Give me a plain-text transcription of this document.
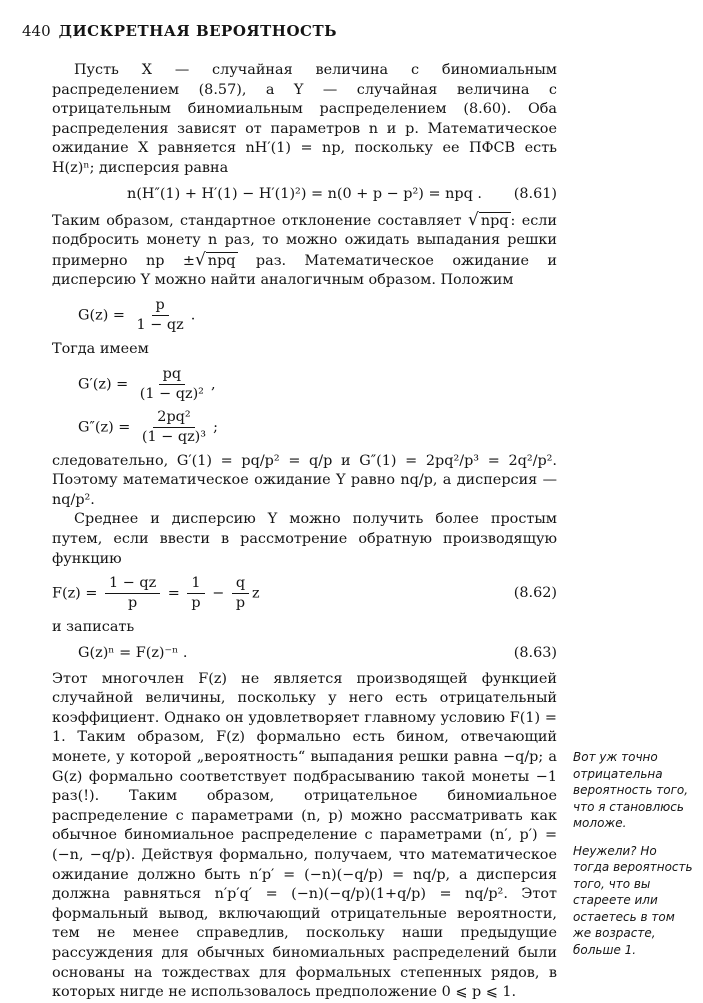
440 ДИСКРЕТНАЯ ВЕРОЯТНОСТЬ

Пусть X — случайная величина с биномиальным распределением (8.57), а Y — случайная величина с отрицательным биномиальным распределением (8.60). Оба распределения зависят от параметров n и p. Математическое ожидание X равняется nH′(1) = np, поскольку ее ПФСВ есть H(z)ⁿ; дисперсия равна

n(H″(1) + H′(1) − H′(1)²) = n(0 + p − p²) = npq .	(8.61)

Таким образом, стандартное отклонение составляет √ npq : если подбросить монету n раз, то можно ожидать выпадания решки примерно np ±√ npq раз. Математическое ожидание и дисперсию Y можно найти аналогичным образом. Положим

$G(z) = \frac{p}{1 - qz}$ .

Тогда имеем

$G'(z) = \frac{pq}{\text{(1 − qz)²}}$ ,
$G''(z) = \frac{\text{2pq²}}{\text{(1 − qz)³}}$ ;

следовательно, G′(1) = pq/p² = q/p и G″(1) = 2pq²/p³ = 2q²/p². Поэтому математическое ожидание Y равно nq/p, а дисперсия — nq/p².

Среднее и дисперсию Y можно получить более простым путем, если ввести в рассмотрение обратную производящую функцию

$F(z) = \frac{1 - qz}{p} = \frac{1}{p} - \frac{q}{p}$ z	(8.62)

и записать

G(z)ⁿ = F(z)⁻ⁿ .	(8.63)

Этот многочлен F(z) не является производящей функцией случайной величины, поскольку у него есть отрицательный коэффициент. Однако он удовлетворяет главному условию F(1) = 1. Таким образом, F(z) формально есть бином, отвечающий монете, у которой „вероятность“ выпадания решки равна −q/p; а G(z) формально соответствует подбрасыванию такой монеты −1 раз(!). Таким образом, отрицательное биномиальное распределение с параметрами (n, p) можно рассматривать как обычное биномиальное распределение с параметрами (n′, p′) = (−n, −q/p). Действуя формально, получаем, что математическое ожидание должно быть n′p′ = (−n)(−q/p) = nq/p, а дисперсия должна равняться n′p′q′ = (−n)(−q/p)(1+q/p) = nq/p². Этот формальный вывод, включающий отрицательные вероятности, тем не менее справедлив, поскольку наши предыдущие рассуждения для обычных биномиальных распределений были основаны на тождествах для формальных степенных рядов, в которых нигде не использовалось предположение 0 ⩽ p ⩽ 1.

Вот уж точно отрицательна вероятность того, что я становлюсь моложе.

Неужели? Но тогда вероятность того, что вы стареете или остаетесь в том же возрасте, больше 1.
